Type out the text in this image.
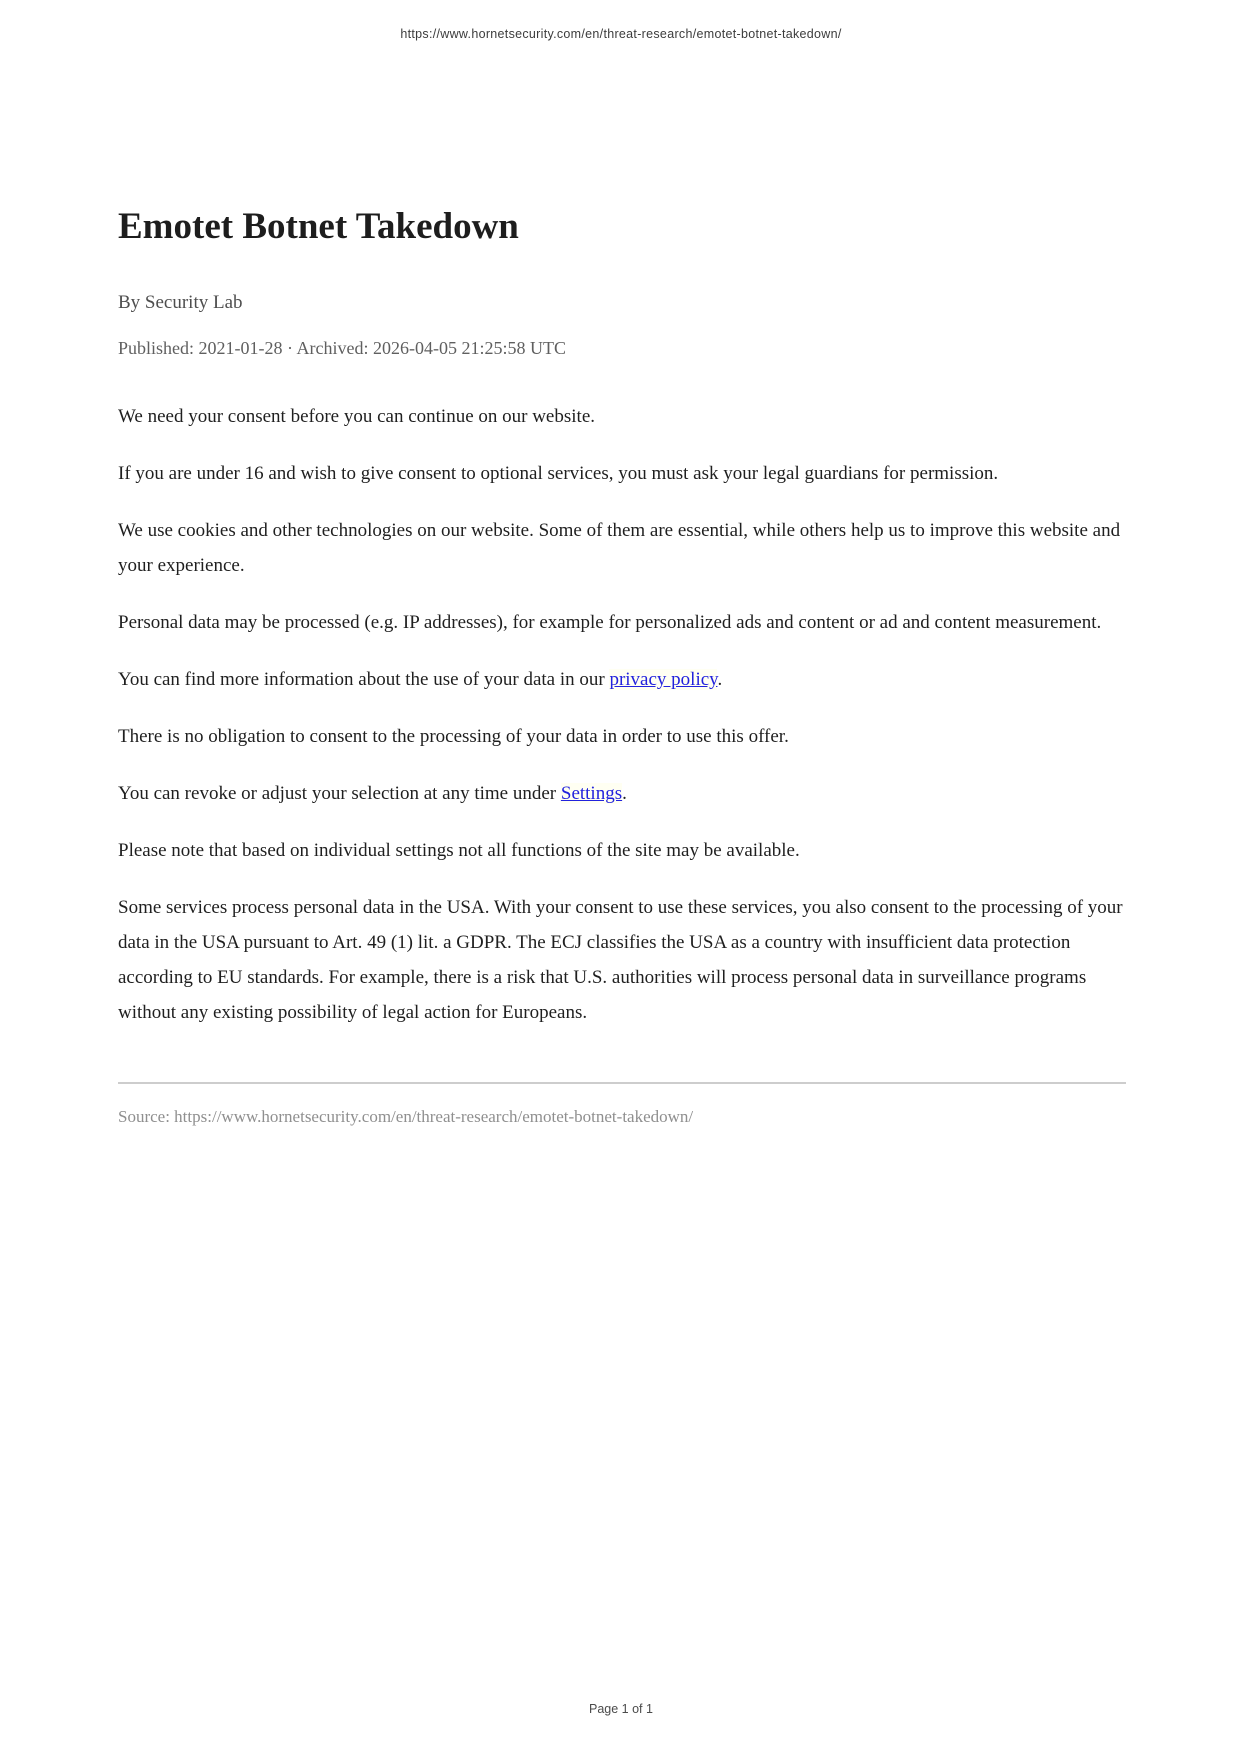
https://www.hornetsecurity.com/en/threat-research/emotet-botnet-takedown/
Emotet Botnet Takedown

By Security Lab

Published: 2021-01-28 · Archived: 2026-04-05 21:25:58 UTC

We need your consent before you can continue on our website.

If you are under 16 and wish to give consent to optional services, you must ask your legal guardians for permission.

We use cookies and other technologies on our website. Some of them are essential, while others help us to improve this website and your experience.

Personal data may be processed (e.g. IP addresses), for example for personalized ads and content or ad and content measurement.

You can find more information about the use of your data in our privacy policy.

There is no obligation to consent to the processing of your data in order to use this offer.

You can revoke or adjust your selection at any time under Settings.

Please note that based on individual settings not all functions of the site may be available.

Some services process personal data in the USA. With your consent to use these services, you also consent to the processing of your data in the USA pursuant to Art. 49 (1) lit. a GDPR. The ECJ classifies the USA as a country with insufficient data protection according to EU standards. For example, there is a risk that U.S. authorities will process personal data in surveillance programs without any existing possibility of legal action for Europeans.

Source: https://www.hornetsecurity.com/en/threat-research/emotet-botnet-takedown/

Page 1 of 1
